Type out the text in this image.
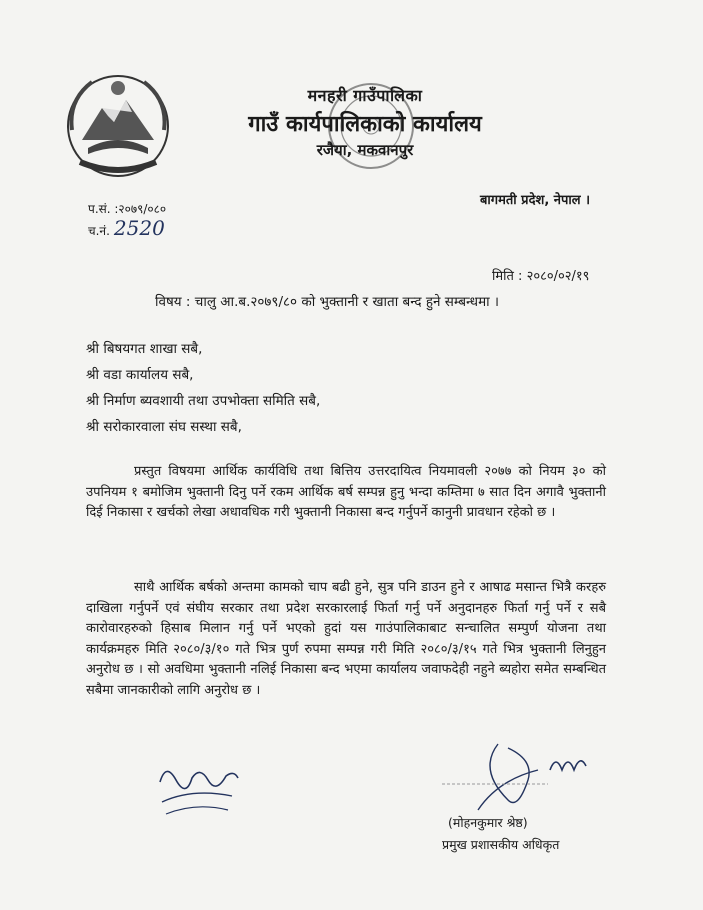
मनहरी गाउँपालिका
गाउँ कार्यपालिकाको कार्यालय
रजैया, मकवानपुर
बागमती प्रदेश, नेपाल ।
प.सं. : २०७९/०८०
च.नं. 2520
मिति : २०८०/०२/१९
विषय : चालु आ.ब.२०७९/८० को भुक्तानी र खाता बन्द हुने सम्बन्धमा ।
श्री बिषयगत शाखा सबै,
श्री वडा कार्यालय सबै,
श्री निर्माण ब्यवशायी तथा उपभोक्ता समिति सबै,
श्री सरोकारवाला संघ सस्था सबै,

प्रस्तुत विषयमा आर्थिक कार्यविधि तथा बित्तिय उत्तरदायित्व नियमावली २०७७ को नियम ३० को उपनियम १ बमोजिम भुक्तानी दिनु पर्ने रकम आर्थिक बर्ष सम्पन्न हुनु भन्दा कम्तिमा ७ सात दिन अगावै भुक्तानी दिई निकासा र खर्चको लेखा अधावधिक गरी भुक्तानी निकासा बन्द गर्नुपर्ने कानुनी प्रावधान रहेको छ ।

साथै आर्थिक बर्षको अन्तमा कामको चाप बढी हुने, सुत्र पनि डाउन हुने र आषाढ मसान्त भित्रै करहरु दाखिला गर्नुपर्ने एवं संघीय सरकार तथा प्रदेश सरकारलाई फिर्ता गर्नु पर्ने अनुदानहरु फिर्ता गर्नु पर्ने र सबै कारोवारहरुको हिसाब मिलान गर्नु पर्ने भएको हुदां यस गाउंपालिकाबाट सन्चालित सम्पुर्ण योजना तथा कार्यक्रमहरु मिति २०८०/३/१० गते भित्र पुर्ण रुपमा सम्पन्न गरी मिति २०८०/३/१५ गते भित्र भुक्तानी लिनुहुन अनुरोध छ । सो अवधिमा भुक्तानी नलिई निकासा बन्द भएमा कार्यालय जवाफदेही नहुने ब्यहोरा समेत सम्बन्धित सबैमा जानकारीको लागि अनुरोध छ ।

(मोहनकुमार श्रेष्ठ)
प्रमुख प्रशासकीय अधिकृत
